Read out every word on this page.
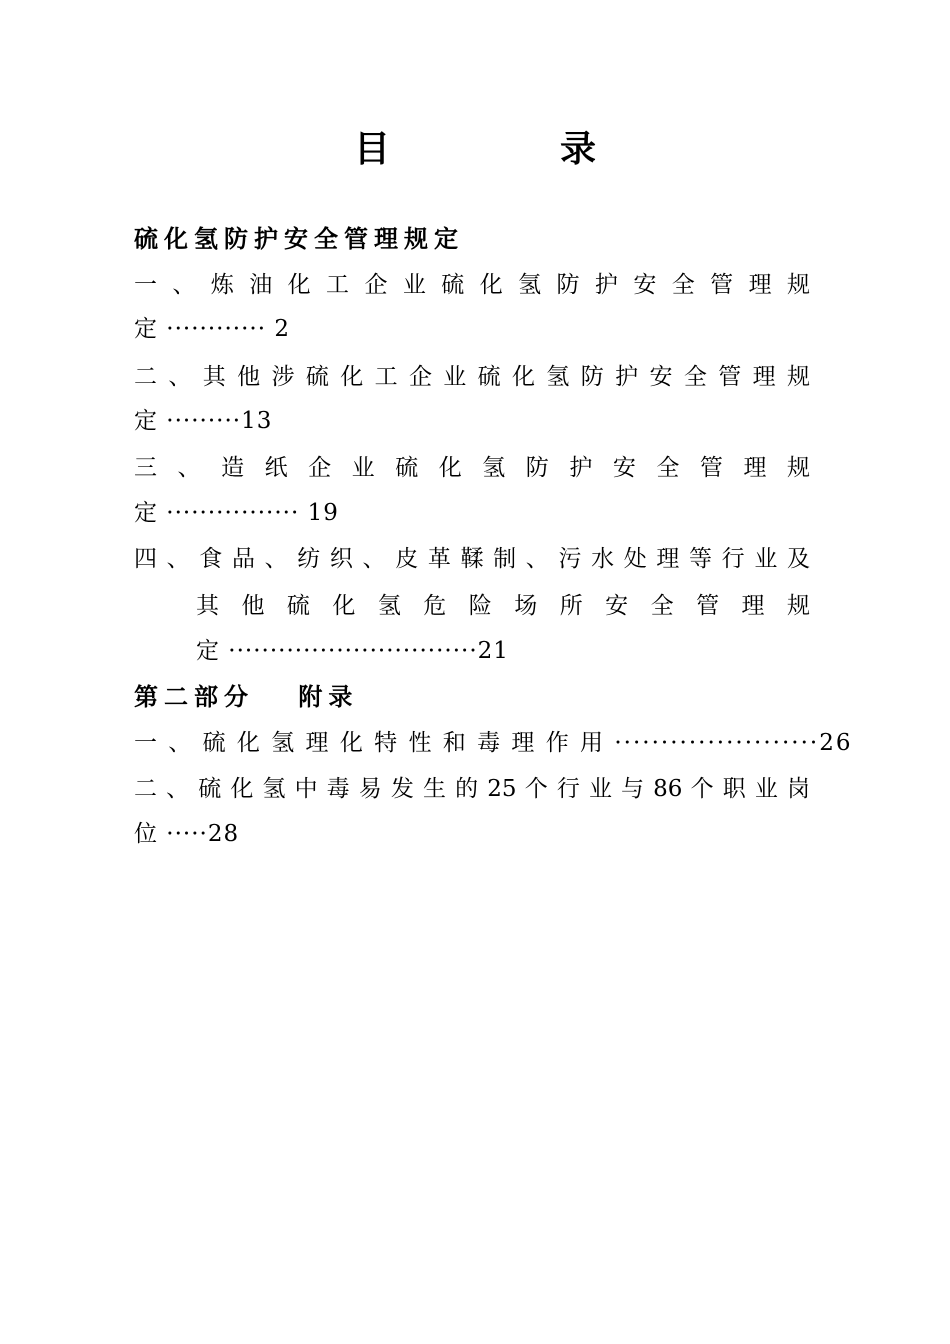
目	录
硫化氢防护安全管理规定
一 、 炼 油 化 工 企 业 硫 化 氢 防 护 安 全 管 理 规
定 ············ 2
二 、 其 他 涉 硫 化 工 企 业 硫 化 氢 防 护 安 全 管 理 规
定 ·········13
三 、 造 纸 企 业 硫 化 氢 防 护 安 全 管 理 规
定 ················ 19
四 、 食 品 、 纺 织 、 皮 革 鞣 制 、 污 水 处 理 等 行 业 及
其 他 硫 化 氢 危 险 场 所 安 全 管 理 规
定 ······························21
第二部分　 附录
一 、 硫 化 氢 理 化 特 性 和 毒 理 作 用 ······················26
二 、 硫 化 氢 中 毒 易 发 生 的 25 个 行 业 与 86 个 职 业 岗
位 ·····28
